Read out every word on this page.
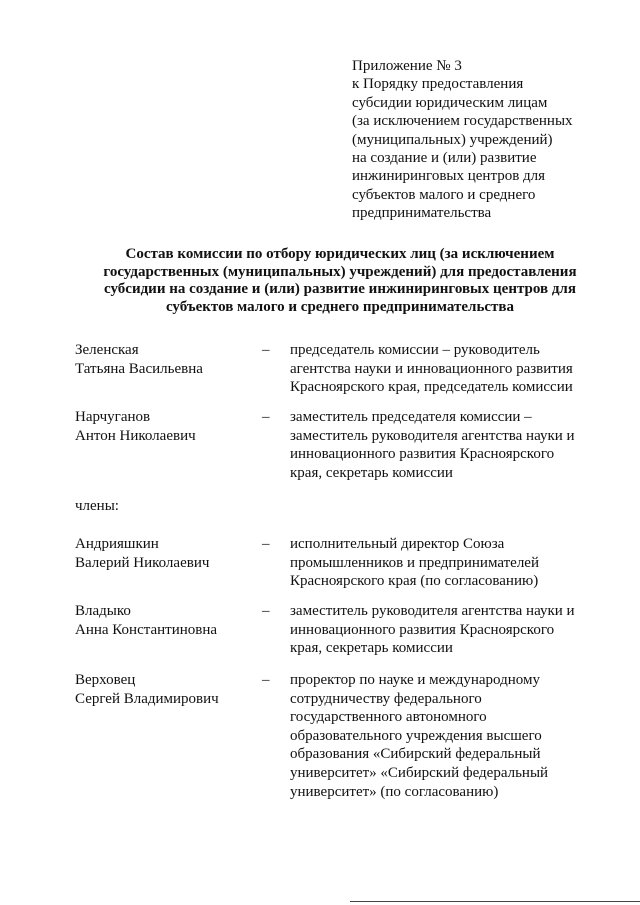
Приложение № 3
к Порядку предоставления
субсидии юридическим лицам
(за исключением государственных
(муниципальных) учреждений)
на создание и (или) развитие
инжиниринговых центров для
субъектов малого и среднего
предпринимательства
Состав комиссии по отбору юридических лиц (за исключением
государственных (муниципальных) учреждений) для предоставления
субсидии на создание и (или) развитие инжиниринговых центров для
субъектов малого и среднего предпринимательства
Зеленская
Татьяна Васильевна
– председатель комиссии – руководитель
агентства науки и инновационного развития
Красноярского края, председатель комиссии
Нарчуганов
Антон Николаевич
– заместитель председателя комиссии –
заместитель руководителя агентства науки и
инновационного развития Красноярского
края, секретарь комиссии
члены:
Андрияшкин
Валерий Николаевич
– исполнительный директор Союза
промышленников и предпринимателей
Красноярского края (по согласованию)
Владыко
Анна Константиновна
– заместитель руководителя агентства науки и
инновационного развития Красноярского
края, секретарь комиссии
Верховец
Сергей Владимирович
– проректор по науке и международному
сотрудничеству федерального
государственного автономного
образовательного учреждения высшего
образования «Сибирский федеральный
университет» «Сибирский федеральный
университет» (по согласованию)
